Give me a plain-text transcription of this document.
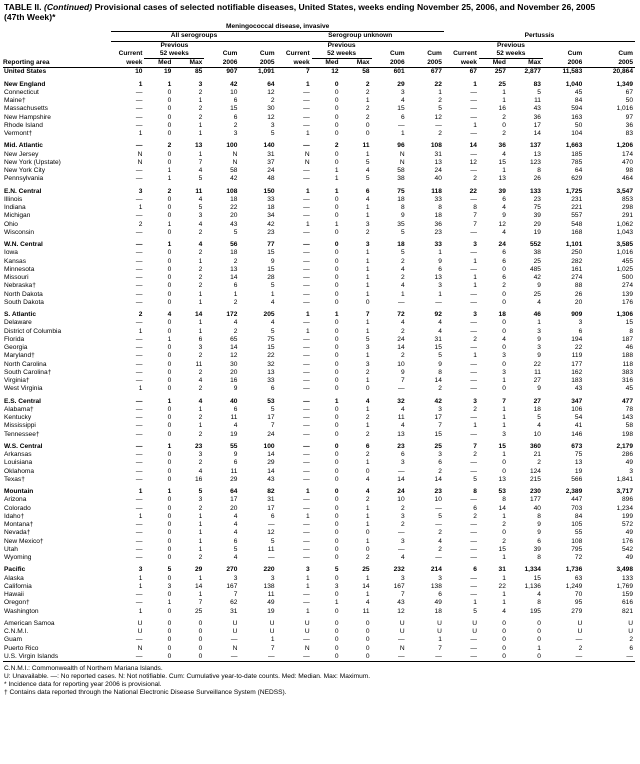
TABLE II. (Continued) Provisional cases of selected notifiable diseases, United States, weeks ending November 25, 2006, and November 26, 2005
(47th Week)*
	Meningococcal disease, invasive														
	All serogroups					Serogroup unknown					Pertussis				
		Previous					Previous					Previous			
	Current	52 weeks		Cum	Cum	Current	52 weeks		Cum	Cum	Current	52 weeks		Cum	Cum
Reporting area	week	Med	Max	2006	2005	week	Med	Max	2006	2005	week	Med	Max	2006	2005
United States	10	19	85	907	1,091	7	12	58	601	677	67	257	2,877	11,583	20,864

New England	1	1	3	42	64	1	0	2	29	22	1	25	83	1,040	1,349
Connecticut	—	0	2	10	12	—	0	2	3	1	—	1	5	45	67
Maine†	—	0	1	6	2	—	0	1	4	2	—	1	11	84	50
Massachusetts	—	0	2	15	30	—	0	2	15	5	—	16	43	594	1,016
New Hampshire	—	0	2	6	12	—	0	2	6	12	—	2	36	163	97
Rhode Island	—	0	1	2	3	—	0	0	—	—	1	0	17	50	36
Vermont†	1	0	1	3	5	1	0	0	1	2	—	2	14	104	83

Mid. Atlantic	—	2	13	100	140	—	2	11	96	108	14	36	137	1,663	1,206
New Jersey	N	0	1	N	31	N	0	1	N	31	—	4	13	185	174
New York (Upstate)	N	0	7	N	37	N	0	5	N	13	12	15	123	785	470
New York City	—	1	4	58	24	—	1	4	58	24	—	1	8	64	98
Pennsylvania	—	1	5	42	48	—	1	5	38	40	2	13	26	629	464

E.N. Central	3	2	11	108	150	1	1	6	75	118	22	39	133	1,725	3,547
Illinois	—	0	4	18	33	—	0	4	18	33	—	6	23	231	853
Indiana	1	0	5	22	18	—	0	1	8	8	8	4	75	221	298
Michigan	—	0	3	20	34	—	0	1	9	18	7	9	39	557	291
Ohio	2	1	4	43	42	1	1	3	35	36	7	12	29	548	1,062
Wisconsin	—	0	2	5	23	—	0	2	5	23	—	4	19	168	1,043

W.N. Central	—	1	4	56	77	—	0	3	18	33	3	24	552	1,101	3,585
Iowa	—	0	2	18	15	—	0	1	5	1	—	6	38	250	1,016
Kansas	—	0	1	2	9	—	0	1	2	9	1	6	25	282	455
Minnesota	—	0	2	13	15	—	0	1	4	6	—	0	485	161	1,025
Missouri	—	0	2	14	28	—	0	1	2	13	1	6	42	274	500
Nebraska†	—	0	2	6	5	—	0	1	4	3	1	2	9	88	274
North Dakota	—	0	1	1	1	—	0	1	1	1	—	0	25	26	139
South Dakota	—	0	1	2	4	—	0	0	—	—	—	0	4	20	176

S. Atlantic	2	4	14	172	205	1	1	7	72	92	3	18	46	909	1,306
Delaware	—	0	1	4	4	—	0	1	4	4	—	0	1	3	15
District of Columbia	1	0	1	2	5	1	0	1	2	4	—	0	3	6	8
Florida	—	1	6	65	75	—	0	5	24	31	2	4	9	194	187
Georgia	—	0	3	14	15	—	0	3	14	15	—	0	3	22	46
Maryland†	—	0	2	12	22	—	0	1	2	5	1	3	9	119	188
North Carolina	—	0	11	30	32	—	0	3	10	9	—	0	22	177	118
South Carolina†	—	0	2	20	13	—	0	2	9	8	—	3	11	162	383
Virginia†	—	0	4	16	33	—	0	1	7	14	—	1	27	183	316
West Virginia	1	0	2	9	6	—	0	0	—	2	—	0	9	43	45

E.S. Central	—	1	4	40	53	—	1	4	32	42	3	7	27	347	477
Alabama†	—	0	1	6	5	—	0	1	4	3	2	1	18	106	78
Kentucky	—	0	2	11	17	—	0	2	11	17	—	1	5	54	143
Mississippi	—	0	1	4	7	—	0	1	4	7	1	1	4	41	58
Tennessee†	—	0	2	19	24	—	0	2	13	15	—	3	10	146	198

W.S. Central	—	1	23	55	100	—	0	6	23	25	7	15	360	673	2,179
Arkansas	—	0	3	9	14	—	0	2	6	3	2	1	21	75	286
Louisiana	—	0	2	6	29	—	0	1	3	6	—	0	2	13	49
Oklahoma	—	0	4	11	14	—	0	0	—	2	—	0	124	19	3
Texas†	—	0	16	29	43	—	0	4	14	14	5	13	215	566	1,841

Mountain	1	1	5	64	82	1	0	4	24	23	8	53	230	2,389	3,717
Arizona	—	0	3	17	31	—	0	2	10	10	—	8	177	447	896
Colorado	—	0	2	20	17	—	0	1	2	—	6	14	40	703	1,234
Idaho†	1	0	1	4	6	1	0	1	3	5	2	1	8	84	199
Montana†	—	0	1	4	—	—	0	1	2	—	—	2	9	105	572
Nevada†	—	0	1	4	12	—	0	0	—	2	—	0	9	55	49
New Mexico†	—	0	1	6	5	—	0	1	3	4	—	2	6	108	176
Utah	—	0	1	5	11	—	0	0	—	2	—	15	39	795	542
Wyoming	—	0	2	4	—	—	0	2	4	—	—	1	8	72	49

Pacific	3	5	29	270	220	3	5	25	232	214	6	31	1,334	1,736	3,498
Alaska	1	0	1	3	3	1	0	1	3	3	—	1	15	63	133
California	1	3	14	167	138	1	3	14	167	138	—	22	1,136	1,249	1,769
Hawaii	—	0	1	7	11	—	0	1	7	6	—	1	4	70	159
Oregon†	—	1	7	62	49	—	1	4	43	49	1	1	8	95	616
Washington	1	0	25	31	19	1	0	11	12	18	5	4	195	279	821

American Samoa	U	0	0	U	U	U	0	0	U	U	U	0	0	U	U
C.N.M.I.	U	0	0	U	U	U	0	0	U	U	U	0	0	U	U
Guam	—	0	0	—	1	—	0	0	—	1	—	0	0	—	2
Puerto Rico	N	0	0	N	7	N	0	0	N	7	—	0	1	2	6
U.S. Virgin Islands	—	0	0	—	—	—	0	0	—	—	—	0	0	—	—
C.N.M.I.: Commonwealth of Northern Mariana Islands.
U: Unavailable. —: No reported cases. N: Not notifiable. Cum: Cumulative year-to-date counts. Med: Median. Max: Maximum.
* Incidence data for reporting year 2006 is provisional.
† Contains data reported through the National Electronic Disease Surveillance System (NEDSS).
